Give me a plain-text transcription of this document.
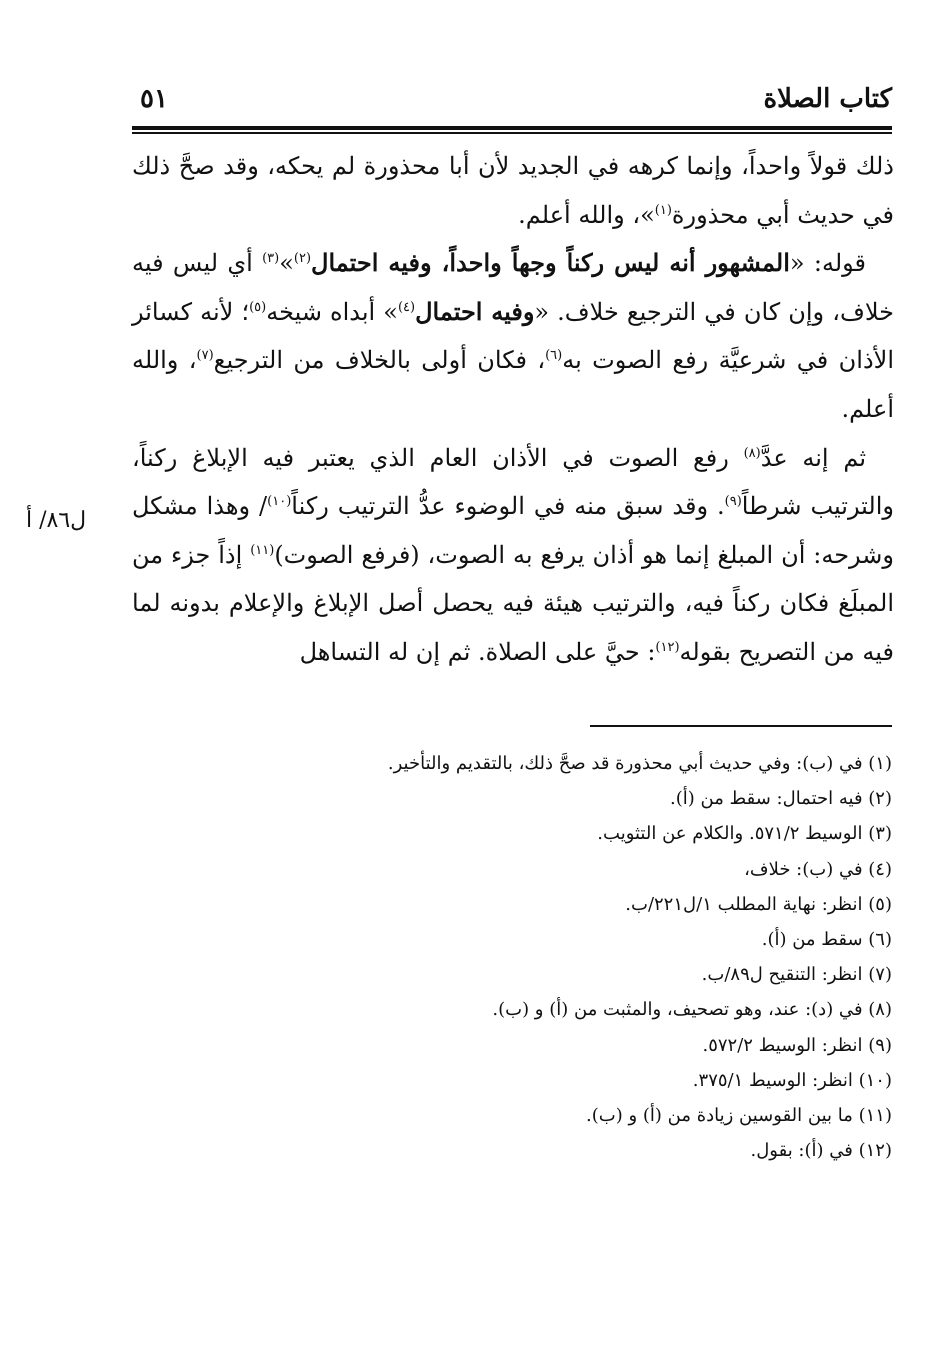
كتاب الصلاة
٥١

ذلك قولاً واحداً، وإنما كرهه في الجديد لأن أبا محذورة لم يحكه، وقد صحَّ ذلك في حديث أبي محذورة$^{(١)}$»، والله أعلم.

قوله: «المشهور أنه ليس ركناً وجهاً واحداً، وفيه احتمال$^{(٢)}$»$^{(٣)}$ أي ليس فيه خلاف، وإن كان في الترجيع خلاف. «وفيه احتمال$^{(٤)}$» أبداه شيخه$^{(٥)}$؛ لأنه كسائر الأذان في شرعيَّة رفع الصوت به$^{(٦)}$، فكان أولى بالخلاف من الترجيع$^{(٧)}$، والله أعلم.

ثم إنه عدَّ$^{(٨)}$ رفع الصوت في الأذان العام الذي يعتبر فيه الإبلاغ ركناً، والترتيب شرطاً$^{(٩)}$. وقد سبق منه في الوضوء عدُّ الترتيب ركناً$^{(١٠)}$/ وهذا مشكل وشرحه: أن المبلغ إنما هو أذان يرفع به الصوت، (فرفع الصوت)$^{(١١)}$ إذاً جزء من المبلَغ فكان ركناً فيه، والترتيب هيئة فيه يحصل أصل الإبلاغ والإعلام بدونه لما فيه من التصريح بقوله$^{(١٢)}$: حيَّ على الصلاة. ثم إن له التساهل

ل٨٦/ أ

(١) في (ب): وفي حديث أبي محذورة قد صحَّ ذلك، بالتقديم والتأخير.

(٢) فيه احتمال: سقط من (أ).

(٣) الوسيط ٥٧١/٢. والكلام عن التثويب.

(٤) في (ب): خلاف،

(٥) انظر: نهاية المطلب ١/ل٢٢١/ب.

(٦) سقط من (أ).

(٧) انظر: التنقيح ل٨٩/ب.

(٨) في (د): عند، وهو تصحيف، والمثبت من (أ) و (ب).

(٩) انظر: الوسيط ٥٧٢/٢.

(١٠) انظر: الوسيط ٣٧٥/١.

(١١) ما بين القوسين زيادة من (أ) و (ب).

(١٢) في (أ): بقول.
